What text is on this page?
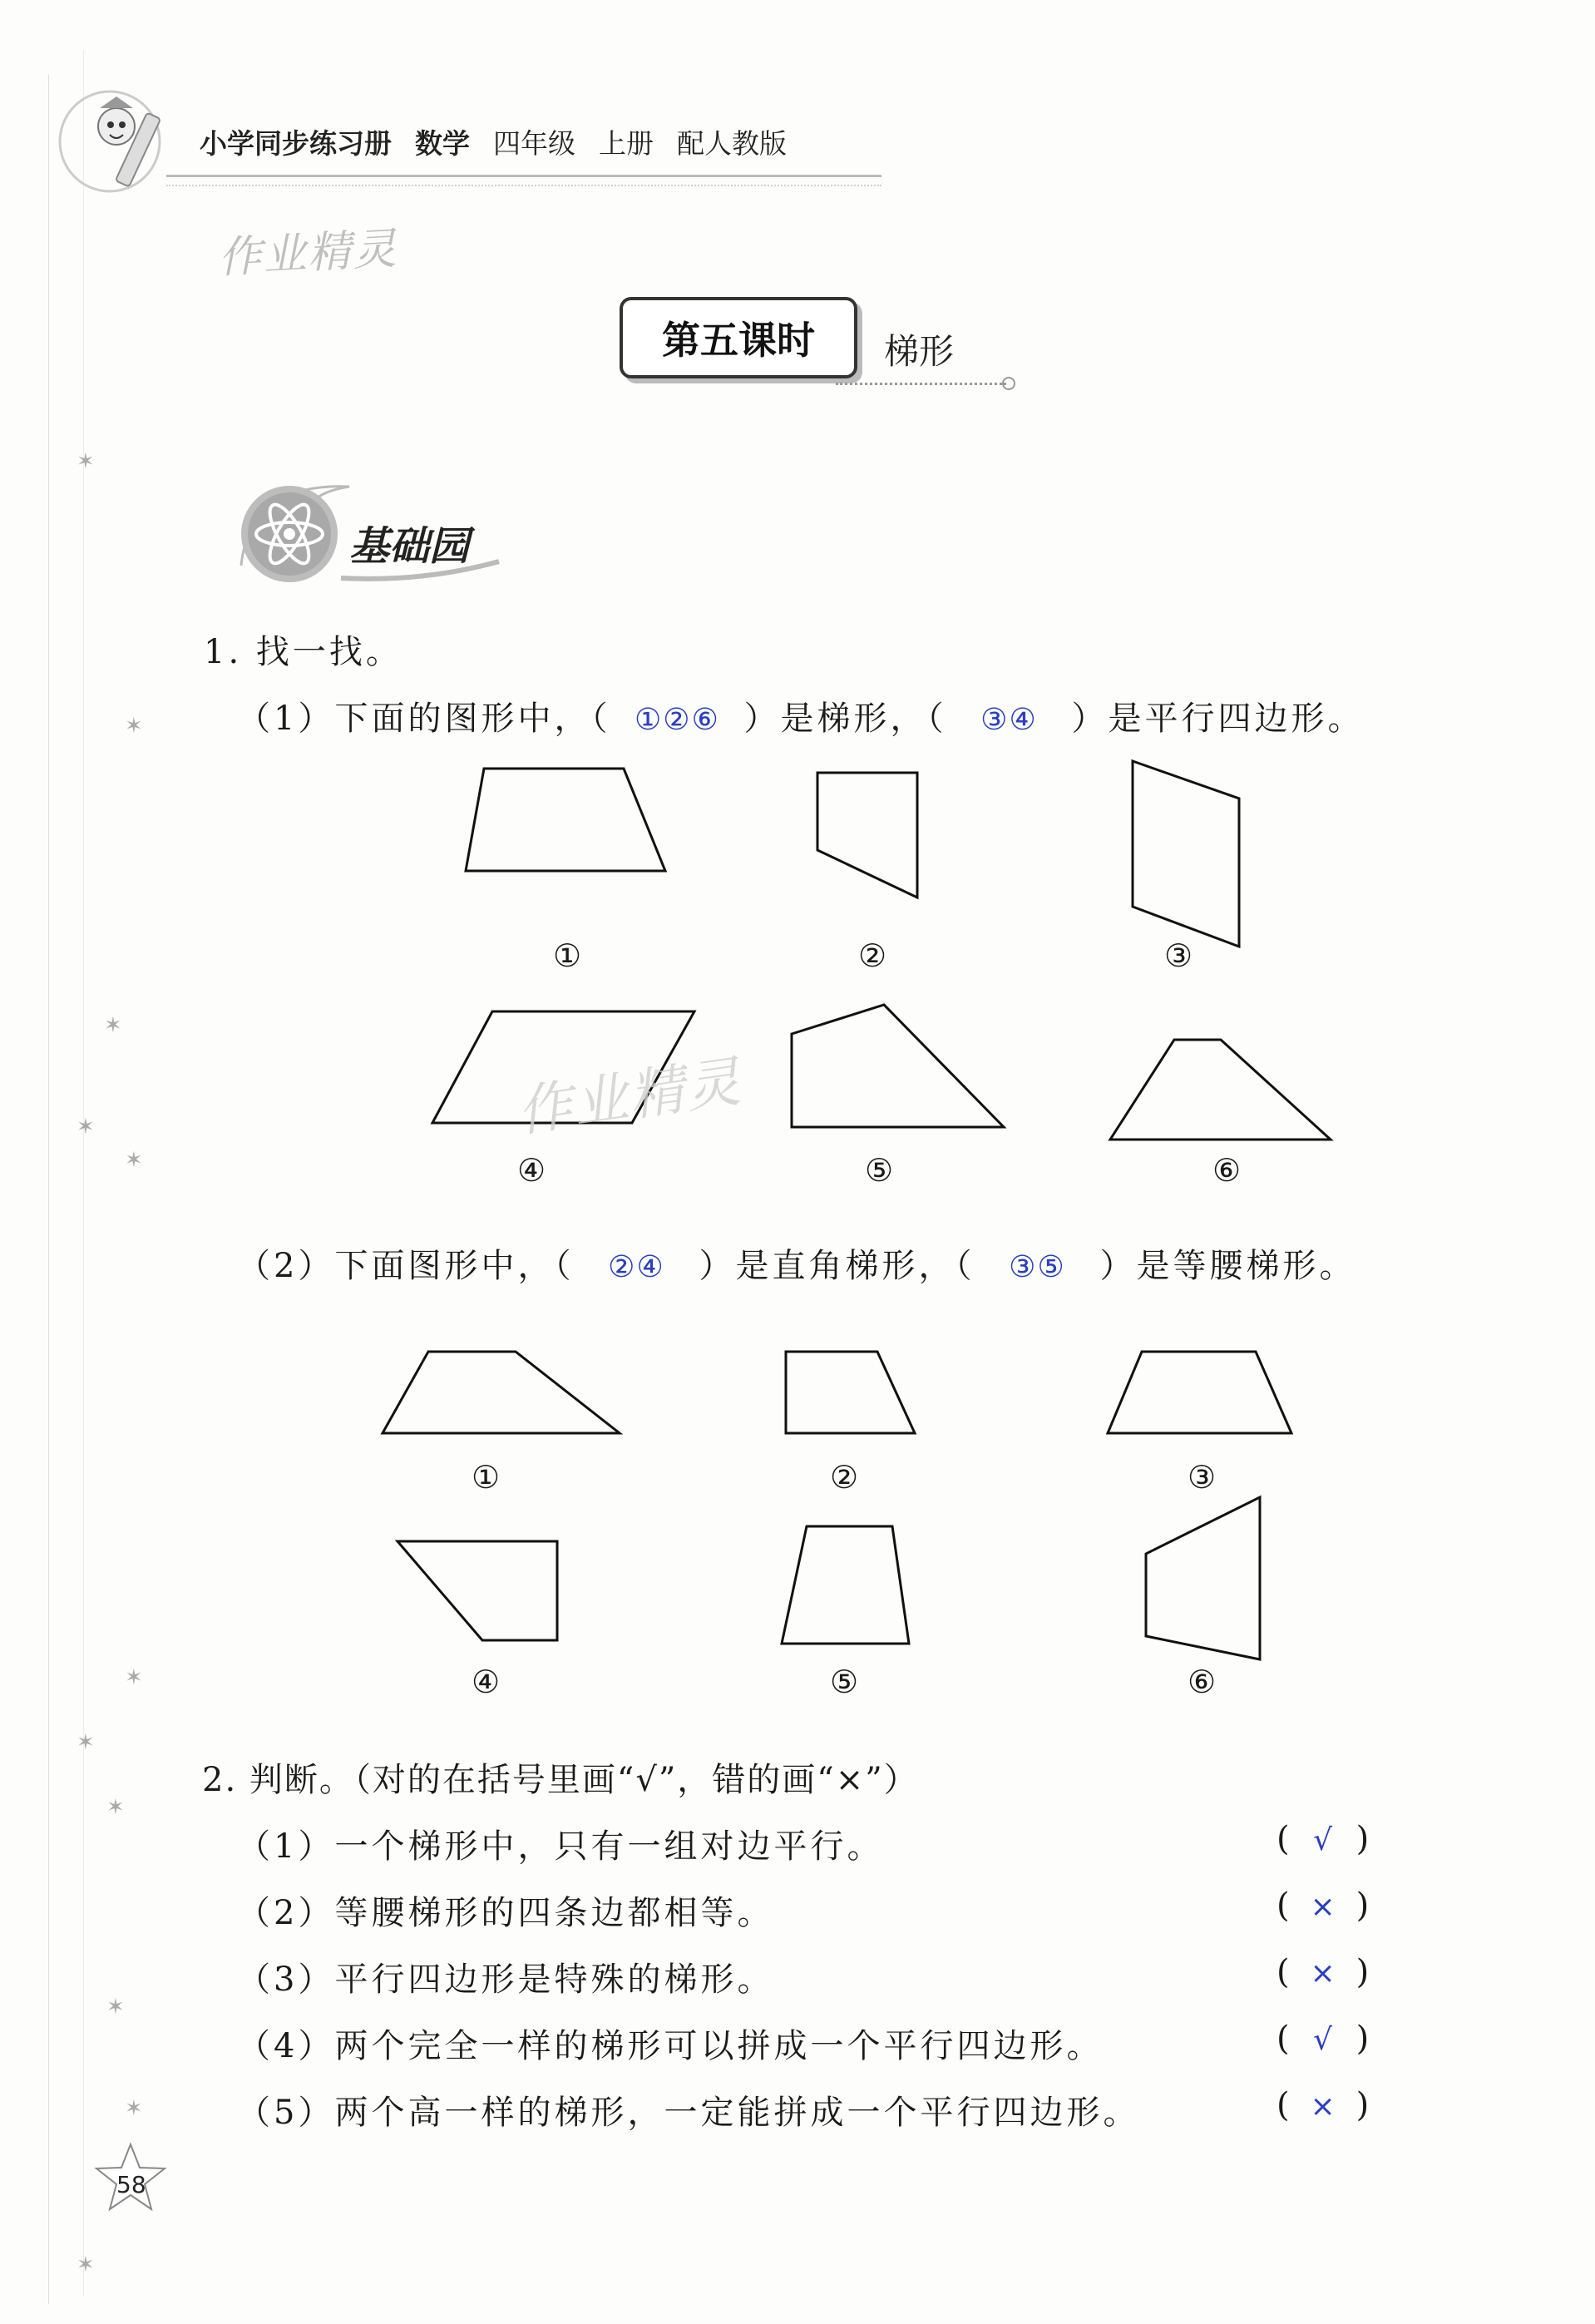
小学同步练习册 数学 四年级 上册 配人教版
作业精灵
第五课时	梯形
基础园
1. 找一找。
（1）下面的图形中，（ ①②⑥ ）是梯形，（ ③④ ）是平行四边形。
①	②	③
④	⑤	⑥
作业精灵
（2）下面图形中，（ ②④ ）是直角梯形，（ ③⑤ ）是等腰梯形。
①	②	③
④	⑤	⑥
2. 判断。（对的在括号里画“√”，错的画“×”）
（1）一个梯形中，只有一组对边平行。	( √ )
（2）等腰梯形的四条边都相等。	( × )
（3）平行四边形是特殊的梯形。	( × )
（4）两个完全一样的梯形可以拼成一个平行四边形。	( √ )
（5）两个高一样的梯形，一定能拼成一个平行四边形。	( × )
✶
✶
✶
✶
✶
✶
✶
✶
✶
✶
✶
58
